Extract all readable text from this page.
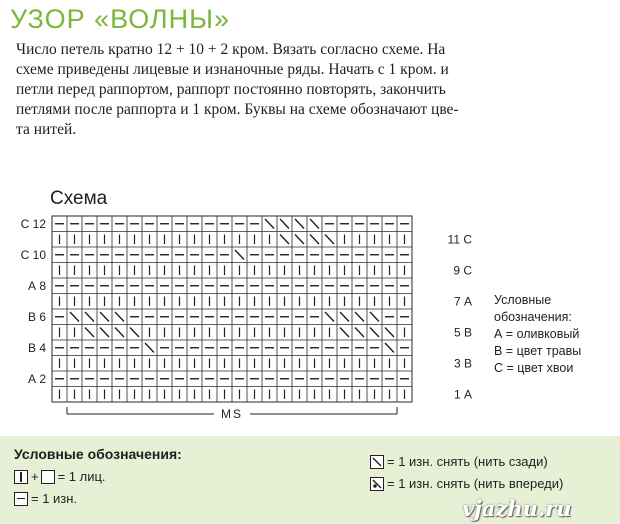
УЗОР «ВОЛНЫ»
Число петель кратно 12 + 10 + 2 кром. Вязать согласно схеме. На
схеме приведены лицевые и изнаночные ряды. Начать с 1 кром. и
петли перед раппортом, раппорт постоянно повторять, закончить
петлями после раппорта и 1 кром. Буквы на схеме обозначают цве-
та нитей.
Схема
С 12
С 10
А 8
В 6
В 4
А 2
11 С
9 С
7 А
5 В
3 В
1 А
MS
Условные
обозначения:
А = оливковый
В = цвет травы
С = цвет хвои
Условные обозначения:
+ = 1 лиц.
= 1 изн.
= 1 изн. снять (нить сзади)
= 1 изн. снять (нить впереди)
vjazhu.ru
